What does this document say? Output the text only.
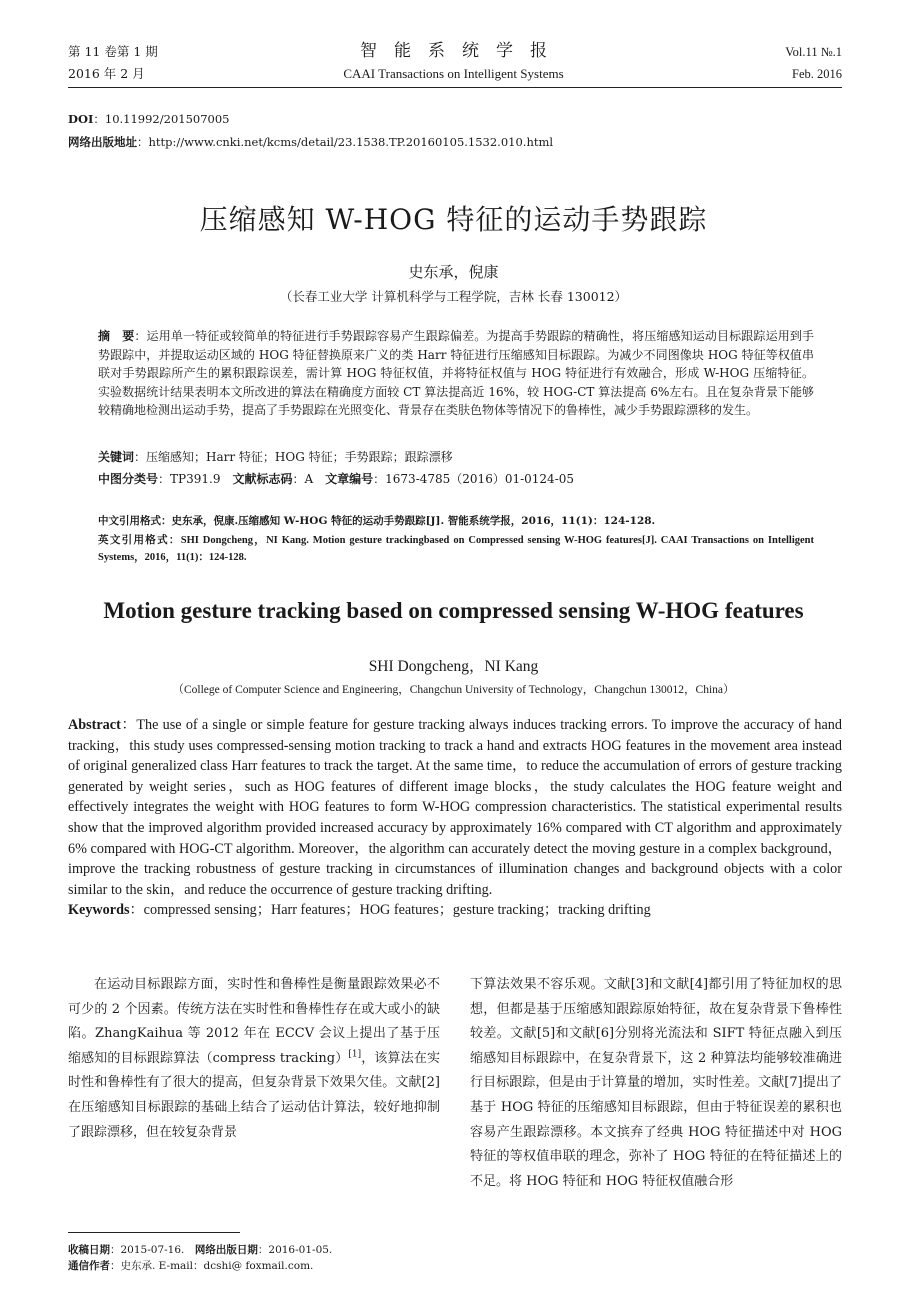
第 11 卷第 1 期
2016 年 2 月
智　能　系　统　学　报
CAAI Transactions on Intelligent Systems
Vol.11 №.1
Feb. 2016
DOI：10.11992/201507005
网络出版地址：http://www.cnki.net/kcms/detail/23.1538.TP.20160105.1532.010.html
压缩感知 W-HOG 特征的运动手势跟踪
史东承，倪康
（长春工业大学 计算机科学与工程学院，吉林 长春 130012）
摘　要：运用单一特征或较简单的特征进行手势跟踪容易产生跟踪偏差。为提高手势跟踪的精确性，将压缩感知运动目标跟踪运用到手势跟踪中，并提取运动区域的 HOG 特征替换原来广义的类 Harr 特征进行压缩感知目标跟踪。为减少不同图像块 HOG 特征等权值串联对手势跟踪所产生的累积跟踪误差，需计算 HOG 特征权值，并将特征权值与 HOG 特征进行有效融合，形成 W-HOG 压缩特征。实验数据统计结果表明本文所改进的算法在精确度方面较 CT 算法提高近 16%，较 HOG-CT 算法提高 6%左右。且在复杂背景下能够较精确地检测出运动手势，提高了手势跟踪在光照变化、背景存在类肤色物体等情况下的鲁棒性，减少手势跟踪漂移的发生。
关键词：压缩感知；Harr 特征；HOG 特征；手势跟踪；跟踪漂移
中图分类号：TP391.9　文献标志码：A　文章编号：1673-4785（2016）01-0124-05
中文引用格式：史东承，倪康.压缩感知 W-HOG 特征的运动手势跟踪[J]. 智能系统学报，2016，11(1)：124-128.
英文引用格式：SHI Dongcheng，NI Kang. Motion gesture trackingbased on Compressed sensing W-HOG features[J]. CAAI Transactions on Intelligent Systems，2016，11(1)：124-128.
Motion gesture tracking based on compressed sensing W-HOG features
SHI Dongcheng，NI Kang
（College of Computer Science and Engineering，Changchun University of Technology，Changchun 130012，China）
Abstract：The use of a single or simple feature for gesture tracking always induces tracking errors. To improve the accuracy of hand tracking，this study uses compressed-sensing motion tracking to track a hand and extracts HOG features in the movement area instead of original generalized class Harr features to track the target. At the same time，to reduce the accumulation of errors of gesture tracking generated by weight series，such as HOG features of different image blocks，the study calculates the HOG feature weight and effectively integrates the weight with HOG features to form W-HOG compression characteristics. The statistical experimental results show that the improved algorithm provided increased accuracy by approximately 16% compared with CT algorithm and approximately 6% compared with HOG-CT algorithm. Moreover，the algorithm can accurately detect the moving gesture in a complex background，improve the tracking robustness of gesture tracking in circumstances of illumination changes and background objects with a color similar to the skin，and reduce the occurrence of gesture tracking drifting.
Keywords：compressed sensing；Harr features；HOG features；gesture tracking；tracking drifting

在运动目标跟踪方面，实时性和鲁棒性是衡量跟踪效果必不可少的 2 个因素。传统方法在实时性和鲁棒性存在或大或小的缺陷。ZhangKaihua 等 2012 年在 ECCV 会议上提出了基于压缩感知的目标跟踪算法（compress tracking）[1]，该算法在实时性和鲁棒性有了很大的提高，但复杂背景下效果欠佳。文献[2]在压缩感知目标跟踪的基础上结合了运动估计算法，较好地抑制了跟踪漂移，但在较复杂背景

收稿日期：2015-07-16.　网络出版日期：2016-01-05.
通信作者：史东承. E-mail：dcshi@ foxmail.com.

下算法效果不容乐观。文献[3]和文献[4]都引用了特征加权的思想，但都是基于压缩感知跟踪原始特征，故在复杂背景下鲁棒性较差。文献[5]和文献[6]分别将光流法和 SIFT 特征点融入到压缩感知目标跟踪中，在复杂背景下，这 2 种算法均能够较准确进行目标跟踪，但是由于计算量的增加，实时性差。文献[7]提出了基于 HOG 特征的压缩感知目标跟踪，但由于特征误差的累积也容易产生跟踪漂移。本文摈弃了经典 HOG 特征描述中对 HOG 特征的等权值串联的理念，弥补了 HOG 特征的在特征描述上的不足。将 HOG 特征和 HOG 特征权值融合形
